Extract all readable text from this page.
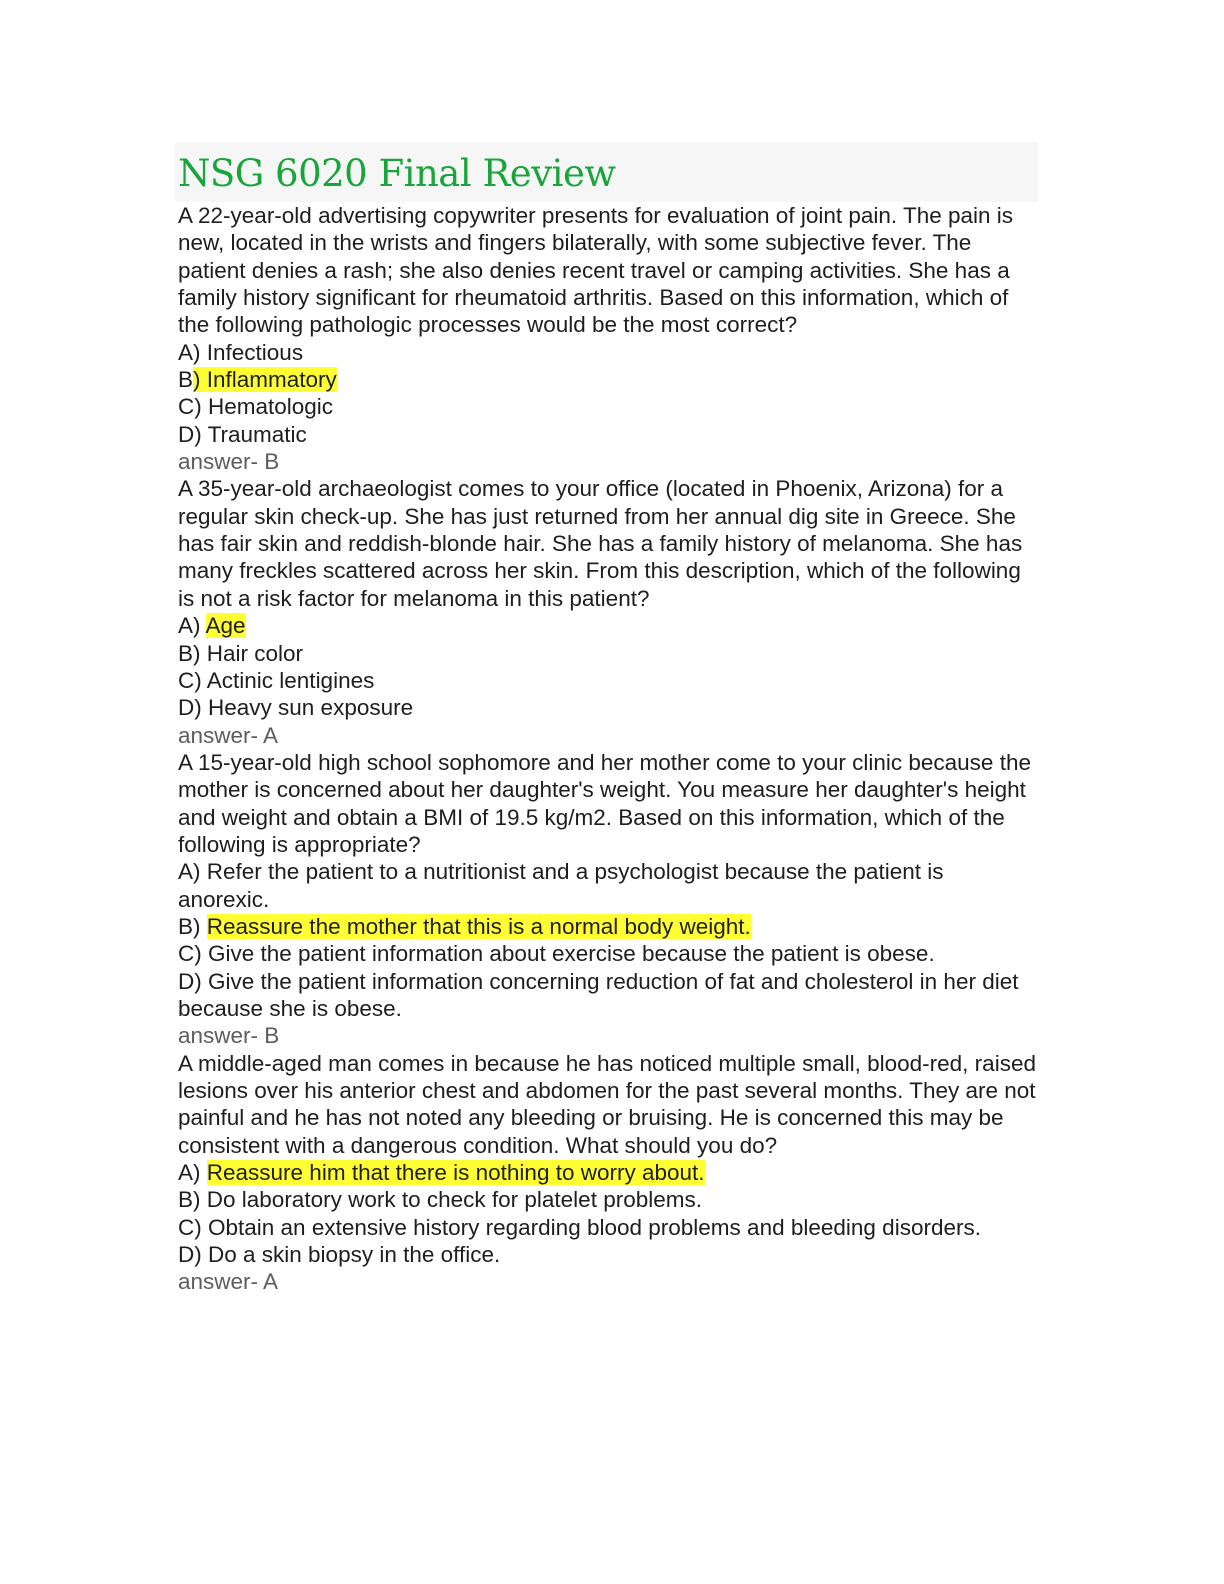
NSG 6020 Final Review

A 22-year-old advertising copywriter presents for evaluation of joint pain. The pain is new, located in the wrists and fingers bilaterally, with some subjective fever. The patient denies a rash; she also denies recent travel or camping activities. She has a family history significant for rheumatoid arthritis. Based on this information, which of the following pathologic processes would be the most correct?

A) Infectious

B) Inflammatory

C) Hematologic

D) Traumatic

answer- B

A 35-year-old archaeologist comes to your office (located in Phoenix, Arizona) for a regular skin check-up. She has just returned from her annual dig site in Greece. She has fair skin and reddish-blonde hair. She has a family history of melanoma. She has many freckles scattered across her skin. From this description, which of the following is not a risk factor for melanoma in this patient?

A) Age

B) Hair color

C) Actinic lentigines

D) Heavy sun exposure

answer- A

A 15-year-old high school sophomore and her mother come to your clinic because the mother is concerned about her daughter's weight. You measure her daughter's height and weight and obtain a BMI of 19.5 kg/m2. Based on this information, which of the following is appropriate?

A) Refer the patient to a nutritionist and a psychologist because the patient is anorexic.

B) Reassure the mother that this is a normal body weight.

C) Give the patient information about exercise because the patient is obese.

D) Give the patient information concerning reduction of fat and cholesterol in her diet because she is obese.

answer- B

A middle-aged man comes in because he has noticed multiple small, blood-red, raised lesions over his anterior chest and abdomen for the past several months. They are not painful and he has not noted any bleeding or bruising. He is concerned this may be consistent with a dangerous condition. What should you do?

A) Reassure him that there is nothing to worry about.

B) Do laboratory work to check for platelet problems.

C) Obtain an extensive history regarding blood problems and bleeding disorders.

D) Do a skin biopsy in the office.

answer- A
